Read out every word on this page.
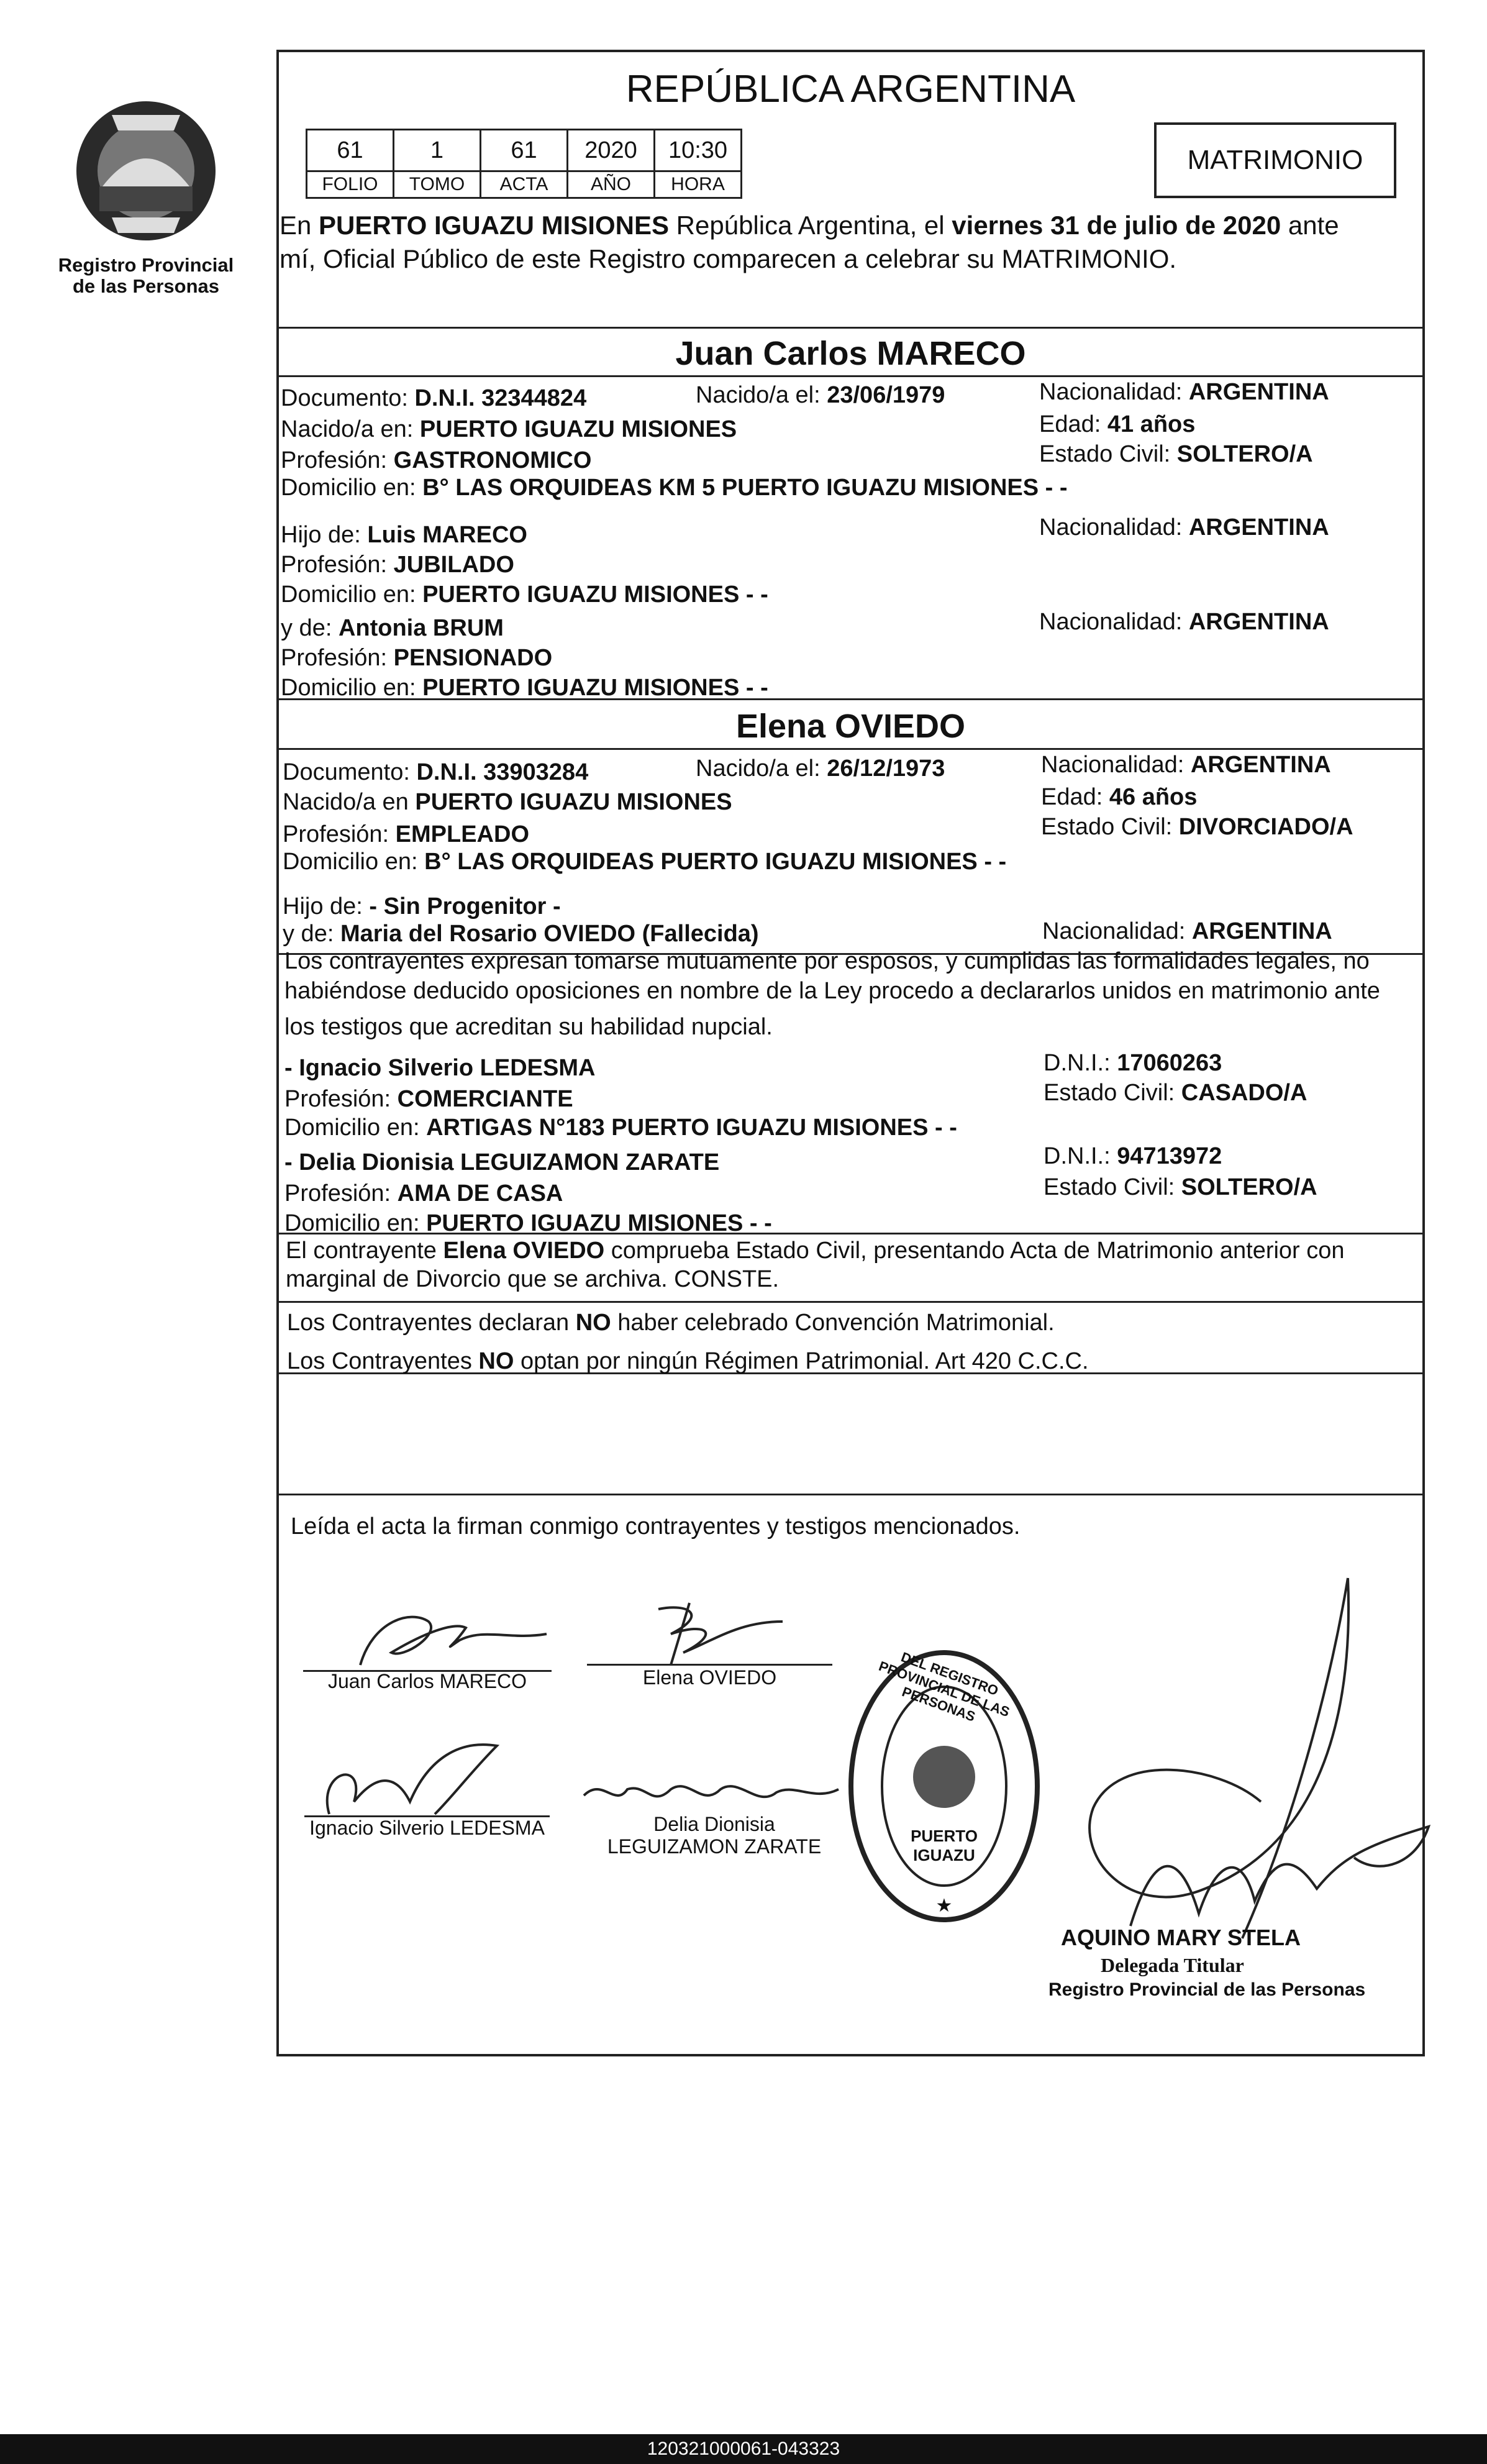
Registro Provincial
de las Personas
REPÚBLICA ARGENTINA
61	1	61	2020	10:30
FOLIO	TOMO	ACTA	AÑO	HORA
MATRIMONIO
En PUERTO IGUAZU MISIONES República Argentina, el viernes 31 de julio de 2020 ante
mí, Oficial Público de este Registro comparecen a celebrar su MATRIMONIO.
Juan Carlos MARECO
Documento: D.N.I. 32344824	Nacido/a el: 23/06/1979	Nacionalidad: ARGENTINA
Nacido/a en: PUERTO IGUAZU MISIONES	Edad: 41 años
Profesión: GASTRONOMICO	Estado Civil: SOLTERO/A
Domicilio en: B° LAS ORQUIDEAS KM 5 PUERTO IGUAZU MISIONES - -
Hijo de: Luis MARECO	Nacionalidad: ARGENTINA
Profesión: JUBILADO
Domicilio en: PUERTO IGUAZU MISIONES - -
y de: Antonia BRUM	Nacionalidad: ARGENTINA
Profesión: PENSIONADO
Domicilio en: PUERTO IGUAZU MISIONES - -
Elena OVIEDO
Documento: D.N.I. 33903284	Nacido/a el: 26/12/1973	Nacionalidad: ARGENTINA
Nacido/a en PUERTO IGUAZU MISIONES	Edad: 46 años
Profesión: EMPLEADO	Estado Civil: DIVORCIADO/A
Domicilio en: B° LAS ORQUIDEAS PUERTO IGUAZU MISIONES - -
Hijo de: - Sin Progenitor -
y de: Maria del Rosario OVIEDO (Fallecida)	Nacionalidad: ARGENTINA
Los contrayentes expresan tomarse mutuamente por esposos, y cumplidas las formalidades legales, no
habiéndose deducido oposiciones en nombre de la Ley procedo a declararlos unidos en matrimonio ante
los testigos que acreditan su habilidad nupcial.
- Ignacio Silverio LEDESMA	D.N.I.: 17060263
Profesión: COMERCIANTE	Estado Civil: CASADO/A
Domicilio en: ARTIGAS N°183 PUERTO IGUAZU MISIONES - -
- Delia Dionisia LEGUIZAMON ZARATE	D.N.I.: 94713972
Profesión: AMA DE CASA	Estado Civil: SOLTERO/A
Domicilio en: PUERTO IGUAZU MISIONES - -
El contrayente Elena OVIEDO comprueba Estado Civil, presentando Acta de Matrimonio anterior con
marginal de Divorcio que se archiva. CONSTE.
Los Contrayentes declaran NO haber celebrado Convención Matrimonial.
Los Contrayentes NO optan por ningún Régimen Patrimonial. Art 420 C.C.C.
Leída el acta la firman conmigo contrayentes y testigos mencionados.
Juan Carlos MARECO	Elena OVIEDO
Ignacio Silverio LEDESMA	Delia Dionisia
LEGUIZAMON ZARATE
DEL REGISTRO PROVINCIAL DE LAS PERSONAS
PUERTO IGUAZU
★
AQUINO MARY STELA
Delegada Titular
Registro Provincial de las Personas
120321000061-043323
